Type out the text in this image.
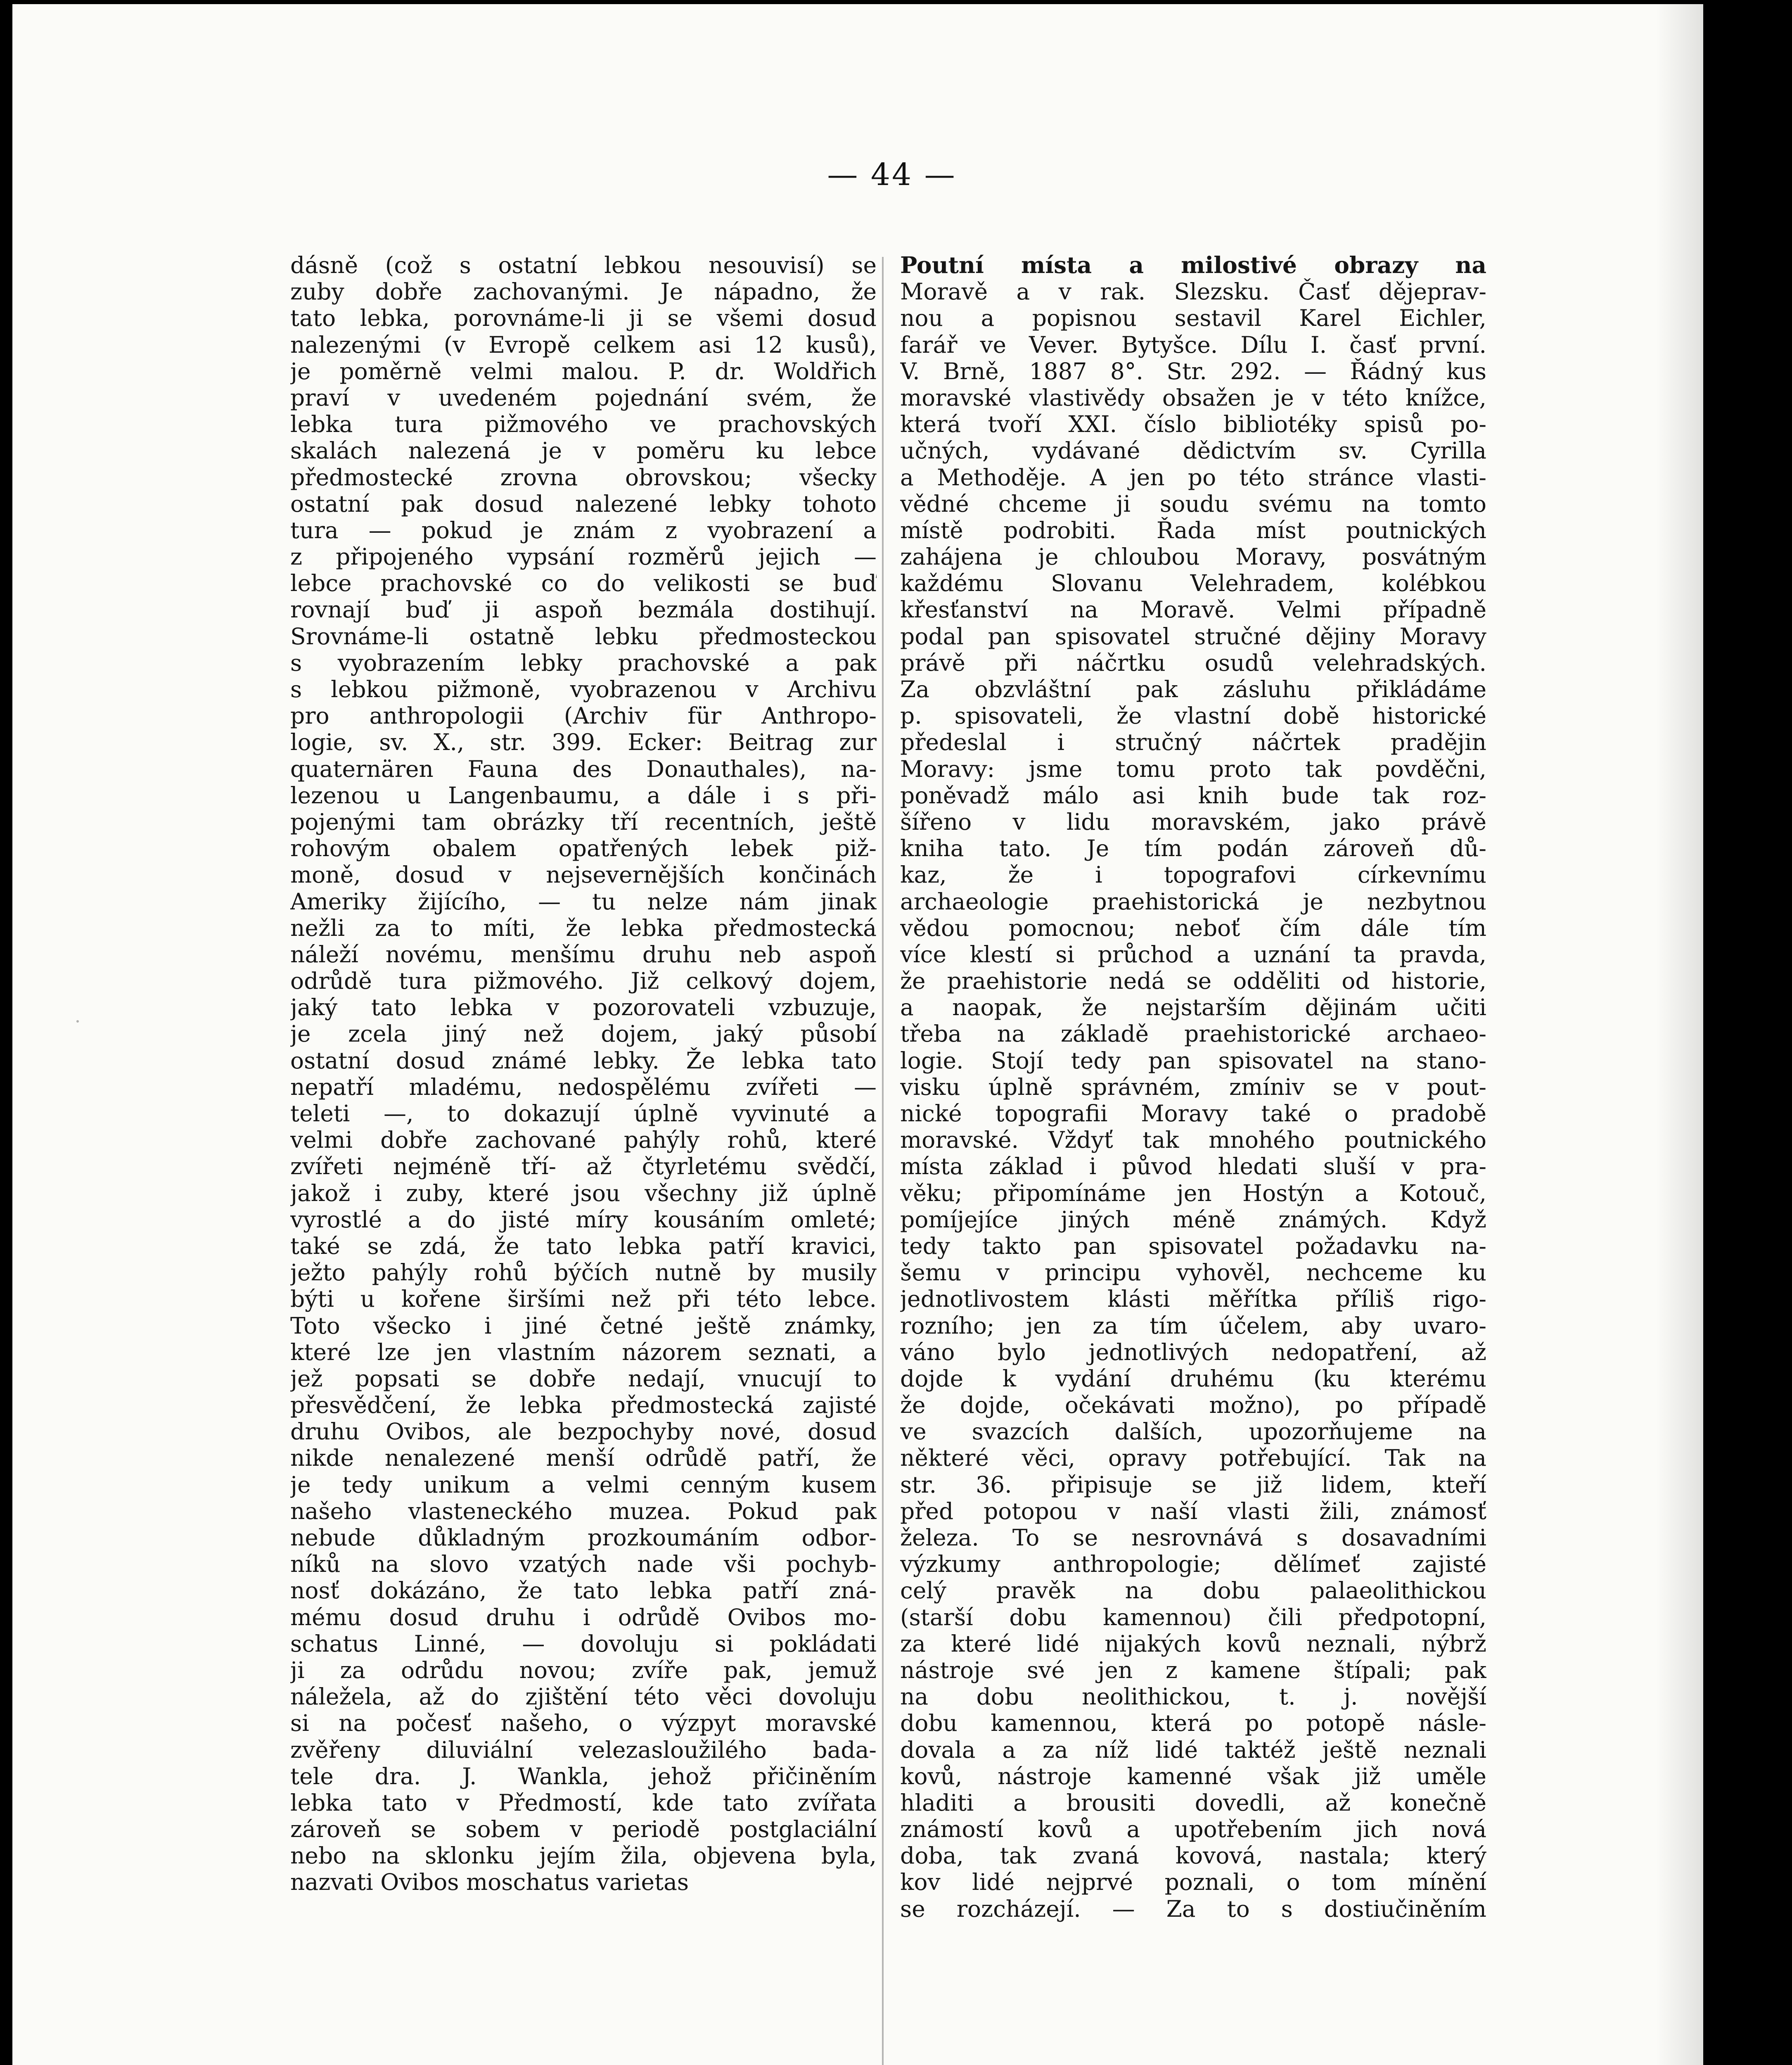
— 44 —
dásně (což s ostatní lebkou nesouvisí) se
zuby dobře zachovanými. Je nápadno, že
tato lebka, porovnáme-li ji se všemi dosud
nalezenými (v Evropě celkem asi 12 kusů),
je poměrně velmi malou. P. dr. Woldřich
praví v uvedeném pojednání svém, že
lebka tura pižmového ve prachovských
skalách nalezená je v poměru ku lebce
předmostecké zrovna obrovskou; všecky
ostatní pak dosud nalezené lebky tohoto
tura — pokud je znám z vyobrazení a
z připojeného vypsání rozměrů jejich —
lebce prachovské co do velikosti se buď
rovnají buď ji aspoň bezmála dostihují.
Srovnáme-li ostatně lebku předmosteckou
s vyobrazením lebky prachovské a pak
s lebkou pižmoně, vyobrazenou v Archivu
pro anthropologii (Archiv für Anthropo-
logie, sv. X., str. 399. Ecker: Beitrag zur
quaternären Fauna des Donauthales), na-
lezenou u Langenbaumu, a dále i s při-
pojenými tam obrázky tří recentních, ještě
rohovým obalem opatřených lebek piž-
moně, dosud v nejsevernějších končinách
Ameriky žijícího, — tu nelze nám jinak
nežli za to míti, že lebka předmostecká
náleží novému, menšímu druhu neb aspoň
odrůdě tura pižmového. Již celkový dojem,
jaký tato lebka v pozorovateli vzbuzuje,
je zcela jiný než dojem, jaký působí
ostatní dosud známé lebky. Že lebka tato
nepatří mladému, nedospělému zvířeti —
teleti —, to dokazují úplně vyvinuté a
velmi dobře zachované pahýly rohů, které
zvířeti nejméně tří- až čtyrletému svědčí,
jakož i zuby, které jsou všechny již úplně
vyrostlé a do jisté míry kousáním omleté;
také se zdá, že tato lebka patří kravici,
ježto pahýly rohů býčích nutně by musily
býti u kořene širšími než při této lebce.
Toto všecko i jiné četné ještě známky,
které lze jen vlastním názorem seznati, a
jež popsati se dobře nedají, vnucují to
přesvědčení, že lebka předmostecká zajisté
druhu Ovibos, ale bezpochyby nové, dosud
nikde nenalezené menší odrůdě patří, že
je tedy unikum a velmi cenným kusem
našeho vlasteneckého muzea. Pokud pak
nebude důkladným prozkoumáním odbor-
níků na slovo vzatých nade vši pochyb-
nosť dokázáno, že tato lebka patří zná-
mému dosud druhu i odrůdě Ovibos mo-
schatus Linné, — dovoluju si pokládati
ji za odrůdu novou; zvíře pak, jemuž
náležela, až do zjištění této věci dovoluju
si na počesť našeho, o výzpyt moravské
zvěřeny diluviální velezasloužilého bada-
tele dra. J. Wankla, jehož přičiněním
lebka tato v Předmostí, kde tato zvířata
zároveň se sobem v periodě postglaciální
nebo na sklonku jejím žila, objevena byla,
nazvati Ovibos moschatus varietas
Poutní místa a milostivé obrazy na
Moravě a v rak. Slezsku. Časť dějeprav-
nou a popisnou sestavil Karel Eichler,
farář ve Vever. Bytyšce. Dílu I. časť první.
V. Brně, 1887 8°. Str. 292. — Řádný kus
moravské vlastivědy obsažen je v této knížce,
která tvoří XXI. číslo bibliotéky spisů po-
učných, vydávané dědictvím sv. Cyrilla
a Methoděje. A jen po této stránce vlasti-
vědné chceme ji soudu svému na tomto
místě podrobiti. Řada míst poutnických
zahájena je chloubou Moravy, posvátným
každému Slovanu Velehradem, kolébkou
křesťanství na Moravě. Velmi případně
podal pan spisovatel stručné dějiny Moravy
právě při náčrtku osudů velehradských.
Za obzvláštní pak zásluhu přikládáme
p. spisovateli, že vlastní době historické
předeslal i stručný náčrtek pradějin
Moravy: jsme tomu proto tak povděčni,
poněvadž málo asi knih bude tak roz-
šířeno v lidu moravském, jako právě
kniha tato. Je tím podán zároveň dů-
kaz, že i topografovi církevnímu
archaeologie praehistorická je nezbytnou
vědou pomocnou; neboť čím dále tím
více klestí si průchod a uznání ta pravda,
že praehistorie nedá se odděliti od historie,
a naopak, že nejstarším dějinám učiti
třeba na základě praehistorické archaeo-
logie. Stojí tedy pan spisovatel na stano-
visku úplně správném, zmíniv se v pout-
nické topografii Moravy také o pradobě
moravské. Vždyť tak mnohého poutnického
místa základ i původ hledati sluší v pra-
věku; připomínáme jen Hostýn a Kotouč,
pomíjejíce jiných méně známých. Když
tedy takto pan spisovatel požadavku na-
šemu v principu vyhověl, nechceme ku
jednotlivostem klásti měřítka příliš rigo-
rozního; jen za tím účelem, aby uvaro-
váno bylo jednotlivých nedopatření, až
dojde k vydání druhému (ku kterému
že dojde, očekávati možno), po případě
ve svazcích dalších, upozorňujeme na
některé věci, opravy potřebující. Tak na
str. 36. připisuje se již lidem, kteří
před potopou v naší vlasti žili, známosť
železa. To se nesrovnává s dosavadními
výzkumy anthropologie; dělímeť zajisté
celý pravěk na dobu palaeolithickou
(starší dobu kamennou) čili předpotopní,
za které lidé nijakých kovů neznali, nýbrž
nástroje své jen z kamene štípali; pak
na dobu neolithickou, t. j. novější
dobu kamennou, která po potopě násle-
dovala a za níž lidé taktéž ještě neznali
kovů, nástroje kamenné však již uměle
hladiti a brousiti dovedli, až konečně
známostí kovů a upotřebením jich nová
doba, tak zvaná kovová, nastala; který
kov lidé nejprvé poznali, o tom mínění
se rozcházejí. — Za to s dostiučiněním
